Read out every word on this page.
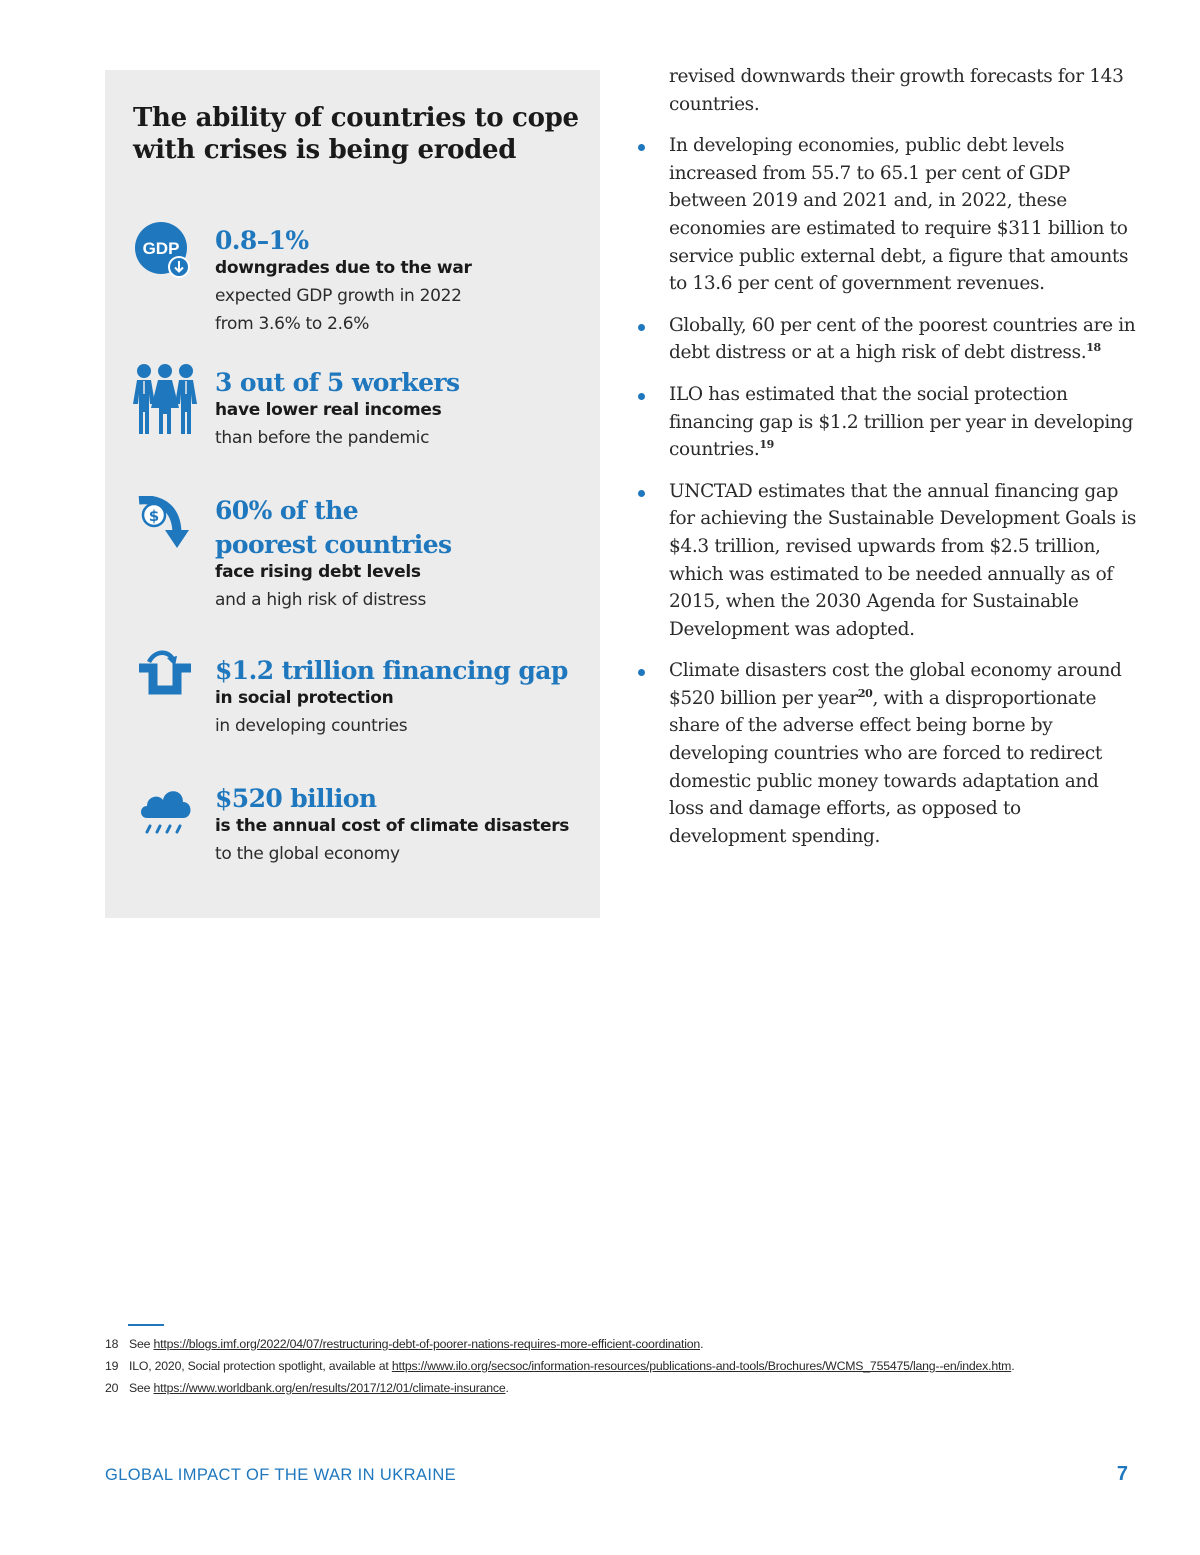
The ability of countries to cope with crises is being eroded
GDP 0.8–1%
downgrades due to the war
expected GDP growth in 2022
from 3.6% to 2.6%
3 out of 5 workers
have lower real incomes
than before the pandemic
$ 60% of the
poorest countries
face rising debt levels
and a high risk of distress
$1.2 trillion financing gap
in social protection
in developing countries
$520 billion
is the annual cost of climate disasters
to the global economy

revised downwards their growth forecasts for 143 countries.

In developing economies, public debt levels increased from 55.7 to 65.1 per cent of GDP between 2019 and 2021 and, in 2022, these economies are estimated to require $311 billion to service public external debt, a figure that amounts to 13.6 per cent of government revenues.
Globally, 60 per cent of the poorest countries are in debt distress or at a high risk of debt distress.$^{18}$
ILO has estimated that the social protection financing gap is $1.2 trillion per year in developing countries.$^{19}$
UNCTAD estimates that the annual financing gap for achieving the Sustainable Development Goals is $4.3 trillion, revised upwards from $2.5 trillion, which was estimated to be needed annually as of 2015, when the 2030 Agenda for Sustainable Development was adopted.
Climate disasters cost the global economy around $520 billion per year$^{20}$, with a disproportionate share of the adverse effect being borne by developing countries who are forced to redirect domestic public money towards adaptation and loss and damage efforts, as opposed to development spending.
18 See https://blogs.imf.org/2022/04/07/restructuring-debt-of-poorer-nations-requires-more-efficient-coordination.
19 ILO, 2020, Social protection spotlight, available at https://www.ilo.org/secsoc/information-resources/publications-and-tools/Brochures/WCMS_755475/lang--en/index.htm.
20 See https://www.worldbank.org/en/results/2017/12/01/climate-insurance.
GLOBAL IMPACT OF THE WAR IN UKRAINE	7
